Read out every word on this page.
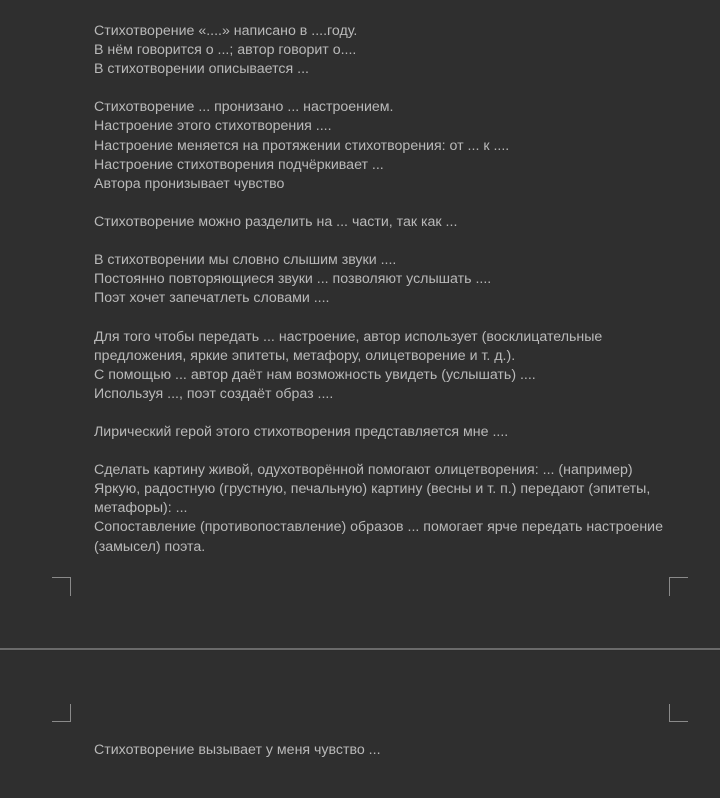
Стихотворение «....» написано в ....году.

В нём говорится о ...; автор говорит о....

В стихотворении описывается ...

Стихотворение ... пронизано ... настроением.

Настроение этого стихотворения ....

Настроение меняется на протяжении стихотворения: от ... к ....

Настроение стихотворения подчёркивает ...

Автора пронизывает чувство

Стихотворение можно разделить на ... части, так как ...

В стихотворении мы словно слышим звуки ....

Постоянно повторяющиеся звуки ... позволяют услышать ....

Поэт хочет запечатлеть словами ....

Для того чтобы передать ... настроение, автор использует (восклицательные предложения, яркие эпитеты, метафору, олицетворение и т. д.).

С помощью ... автор даёт нам возможность увидеть (услышать) ....

Используя ..., поэт создаёт образ ....

Лирический герой этого стихотворения представляется мне ....

Сделать картину живой, одухотворённой помогают олицетворения: ... (например)

Яркую, радостную (грустную, печальную) картину (весны и т. п.) передают (эпитеты, метафоры): ...

Сопоставление (противопоставление) образов ... помогает ярче передать настроение (замысел) поэта.

Стихотворение вызывает у меня чувство ...
